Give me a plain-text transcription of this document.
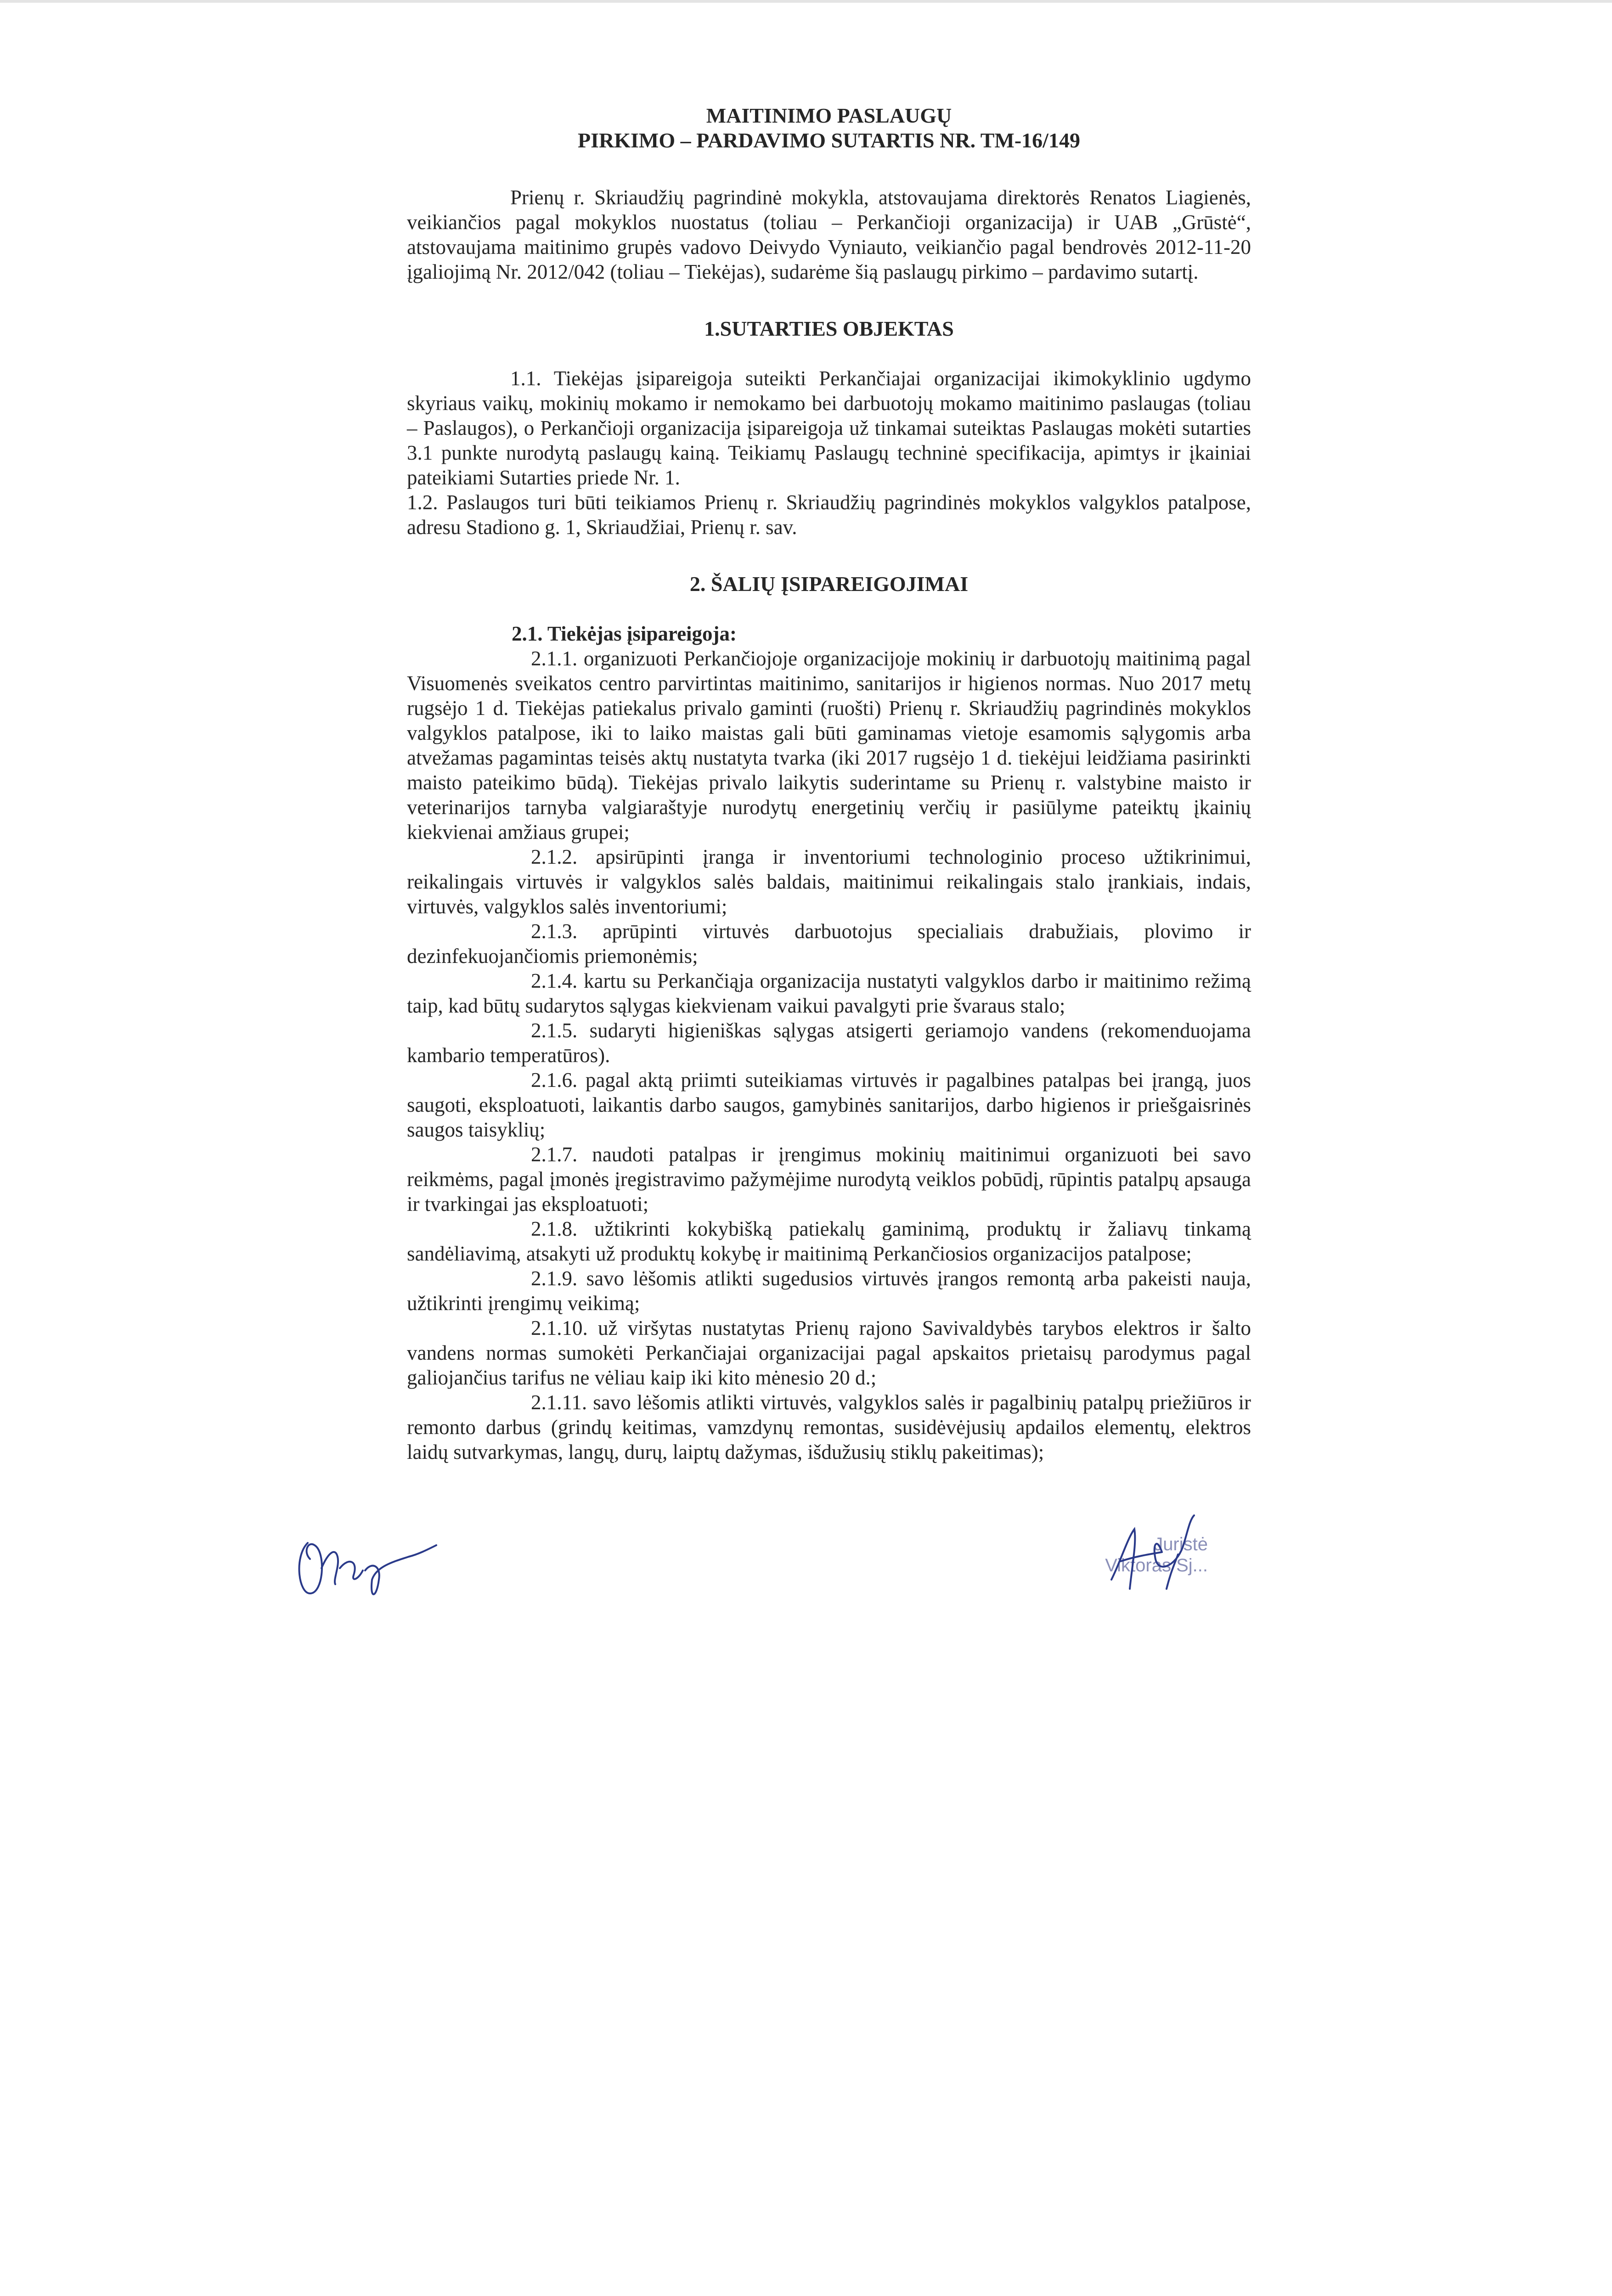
MAITINIMO PASLAUGŲ

PIRKIMO – PARDAVIMO SUTARTIS NR. TM-16/149

Prienų r. Skriaudžių pagrindinė mokykla, atstovaujama direktorės Renatos Liagienės, veikiančios pagal mokyklos nuostatus (toliau – Perkančioji organizacija) ir UAB „Grūstė“, atstovaujama maitinimo grupės vadovo Deivydo Vyniauto, veikiančio pagal bendrovės 2012-11-20 įgaliojimą Nr. 2012/042 (toliau – Tiekėjas), sudarėme šią paslaugų pirkimo – pardavimo sutartį.

1.SUTARTIES OBJEKTAS

1.1. Tiekėjas įsipareigoja suteikti Perkančiajai organizacijai ikimokyklinio ugdymo skyriaus vaikų, mokinių mokamo ir nemokamo bei darbuotojų mokamo maitinimo paslaugas (toliau – Paslaugos), o Perkančioji organizacija įsipareigoja už tinkamai suteiktas Paslaugas mokėti sutarties 3.1 punkte nurodytą paslaugų kainą. Teikiamų Paslaugų techninė specifikacija, apimtys ir įkainiai pateikiami Sutarties priede Nr. 1.

1.2. Paslaugos turi būti teikiamos Prienų r. Skriaudžių pagrindinės mokyklos valgyklos patalpose, adresu Stadiono g. 1, Skriaudžiai, Prienų r. sav.

2. ŠALIŲ ĮSIPAREIGOJIMAI

2.1. Tiekėjas įsipareigoja:

2.1.1. organizuoti Perkančiojoje organizacijoje mokinių ir darbuotojų maitinimą pagal Visuomenės sveikatos centro parvirtintas maitinimo, sanitarijos ir higienos normas. Nuo 2017 metų rugsėjo 1 d. Tiekėjas patiekalus privalo gaminti (ruošti) Prienų r. Skriaudžių pagrindinės mokyklos valgyklos patalpose, iki to laiko maistas gali būti gaminamas vietoje esamomis sąlygomis arba atvežamas pagamintas teisės aktų nustatyta tvarka (iki 2017 rugsėjo 1 d. tiekėjui leidžiama pasirinkti maisto pateikimo būdą). Tiekėjas privalo laikytis suderintame su Prienų r. valstybine maisto ir veterinarijos tarnyba valgiaraštyje nurodytų energetinių verčių ir pasiūlyme pateiktų įkainių kiekvienai amžiaus grupei;

2.1.2. apsirūpinti įranga ir inventoriumi technologinio proceso užtikrinimui, reikalingais virtuvės ir valgyklos salės baldais, maitinimui reikalingais stalo įrankiais, indais, virtuvės, valgyklos salės inventoriumi;

2.1.3. aprūpinti virtuvės darbuotojus specialiais drabužiais, plovimo ir dezinfekuojančiomis priemonėmis;

2.1.4. kartu su Perkančiąja organizacija nustatyti valgyklos darbo ir maitinimo režimą taip, kad būtų sudarytos sąlygas kiekvienam vaikui pavalgyti prie švaraus stalo;

2.1.5. sudaryti higieniškas sąlygas atsigerti geriamojo vandens (rekomenduojama kambario temperatūros).

2.1.6. pagal aktą priimti suteikiamas virtuvės ir pagalbines patalpas bei įrangą, juos saugoti, eksploatuoti, laikantis darbo saugos, gamybinės sanitarijos, darbo higienos ir priešgaisrinės saugos taisyklių;

2.1.7. naudoti patalpas ir įrengimus mokinių maitinimui organizuoti bei savo reikmėms, pagal įmonės įregistravimo pažymėjime nurodytą veiklos pobūdį, rūpintis patalpų apsauga ir tvarkingai jas eksploatuoti;

2.1.8. užtikrinti kokybišką patiekalų gaminimą, produktų ir žaliavų tinkamą sandėliavimą, atsakyti už produktų kokybę ir maitinimą Perkančiosios organizacijos patalpose;

2.1.9. savo lėšomis atlikti sugedusios virtuvės įrangos remontą arba pakeisti nauja, užtikrinti įrengimų veikimą;

2.1.10. už viršytas nustatytas Prienų rajono Savivaldybės tarybos elektros ir šalto vandens normas sumokėti Perkančiajai organizacijai pagal apskaitos prietaisų parodymus pagal galiojančius tarifus ne vėliau kaip iki kito mėnesio 20 d.;

2.1.11. savo lėšomis atlikti virtuvės, valgyklos salės ir pagalbinių patalpų priežiūros ir remonto darbus (grindų keitimas, vamzdynų remontas, susidėvėjusių apdailos elementų, elektros laidų sutvarkymas, langų, durų, laiptų dažymas, išdužusių stiklų pakeitimas);

Juristė
Viktoras Sj...
